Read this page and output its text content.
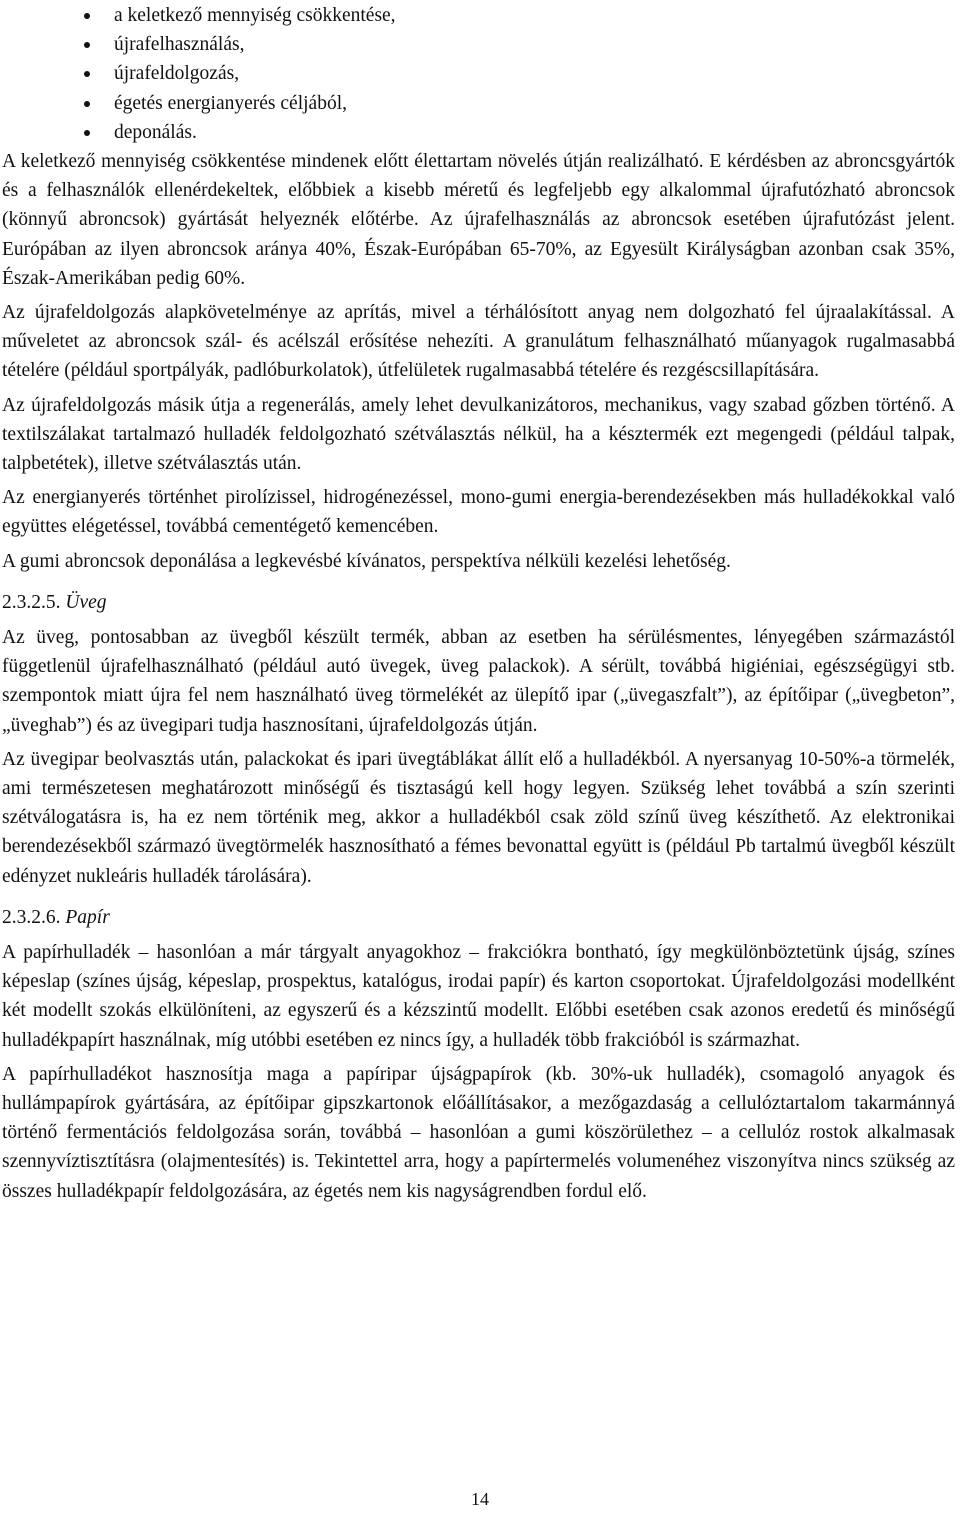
a keletkező mennyiség csökkentése,
újrafelhasználás,
újrafeldolgozás,
égetés energianyerés céljából,
deponálás.

A keletkező mennyiség csökkentése mindenek előtt élettartam növelés útján realizálható. E kérdésben az abroncsgyártók és a felhasználók ellenérdekeltek, előbbiek a kisebb méretű és legfeljebb egy alkalommal újrafutózható abroncsok (könnyű abroncsok) gyártását helyeznék előtérbe. Az újrafelhasználás az abroncsok esetében újrafutózást jelent. Európában az ilyen abroncsok aránya 40%, Észak-Európában 65-70%, az Egyesült Királyságban azonban csak 35%, Észak-Amerikában pedig 60%.

Az újrafeldolgozás alapkövetelménye az aprítás, mivel a térhálósított anyag nem dolgozható fel újraalakítással. A műveletet az abroncsok szál- és acélszál erősítése nehezíti. A granulátum felhasználható műanyagok rugalmasabbá tételére (például sportpályák, padlóburkolatok), útfelületek rugalmasabbá tételére és rezgéscsillapítására.

Az újrafeldolgozás másik útja a regenerálás, amely lehet devulkanizátoros, mechanikus, vagy szabad gőzben történő. A textilszálakat tartalmazó hulladék feldolgozható szétválasztás nélkül, ha a késztermék ezt megengedi (például talpak, talpbetétek), illetve szétválasztás után.

Az energianyerés történhet pirolízissel, hidrogénezéssel, mono-gumi energia-berendezésekben más hulladékokkal való együttes elégetéssel, továbbá cementégető kemencében.

A gumi abroncsok deponálása a legkevésbé kívánatos, perspektíva nélküli kezelési lehetőség.

2.3.2.5. Üveg

Az üveg, pontosabban az üvegből készült termék, abban az esetben ha sérülésmentes, lényegében származástól függetlenül újrafelhasználható (például autó üvegek, üveg palackok). A sérült, továbbá higiéniai, egészségügyi stb. szempontok miatt újra fel nem használható üveg törmelékét az ülepítő ipar („üvegaszfalt”), az építőipar („üvegbeton”, „üveghab”) és az üvegipari tudja hasznosítani, újrafeldolgozás útján.

Az üvegipar beolvasztás után, palackokat és ipari üvegtáblákat állít elő a hulladékból. A nyersanyag 10-50%-a törmelék, ami természetesen meghatározott minőségű és tisztaságú kell hogy legyen. Szükség lehet továbbá a szín szerinti szétválogatásra is, ha ez nem történik meg, akkor a hulladékból csak zöld színű üveg készíthető. Az elektronikai berendezésekből származó üvegtörmelék hasznosítható a fémes bevonattal együtt is (például Pb tartalmú üvegből készült edényzet nukleáris hulladék tárolására).

2.3.2.6. Papír

A papírhulladék – hasonlóan a már tárgyalt anyagokhoz – frakciókra bontható, így megkülönböztetünk újság, színes képeslap (színes újság, képeslap, prospektus, katalógus, irodai papír) és karton csoportokat. Újrafeldolgozási modellként két modellt szokás elkülöníteni, az egyszerű és a kézszintű modellt. Előbbi esetében csak azonos eredetű és minőségű hulladékpapírt használnak, míg utóbbi esetében ez nincs így, a hulladék több frakcióból is származhat.

A papírhulladékot hasznosítja maga a papíripar újságpapírok (kb. 30%-uk hulladék), csomagoló anyagok és hullámpapírok gyártására, az építőipar gipszkartonok előállításakor, a mezőgazdaság a cellulóztartalom takarmánnyá történő fermentációs feldolgozása során, továbbá – hasonlóan a gumi köszörülethez – a cellulóz rostok alkalmasak szennyvíztisztításra (olajmentesítés) is. Tekintettel arra, hogy a papírtermelés volumenéhez viszonyítva nincs szükség az összes hulladékpapír feldolgozására, az égetés nem kis nagyságrendben fordul elő.

14
